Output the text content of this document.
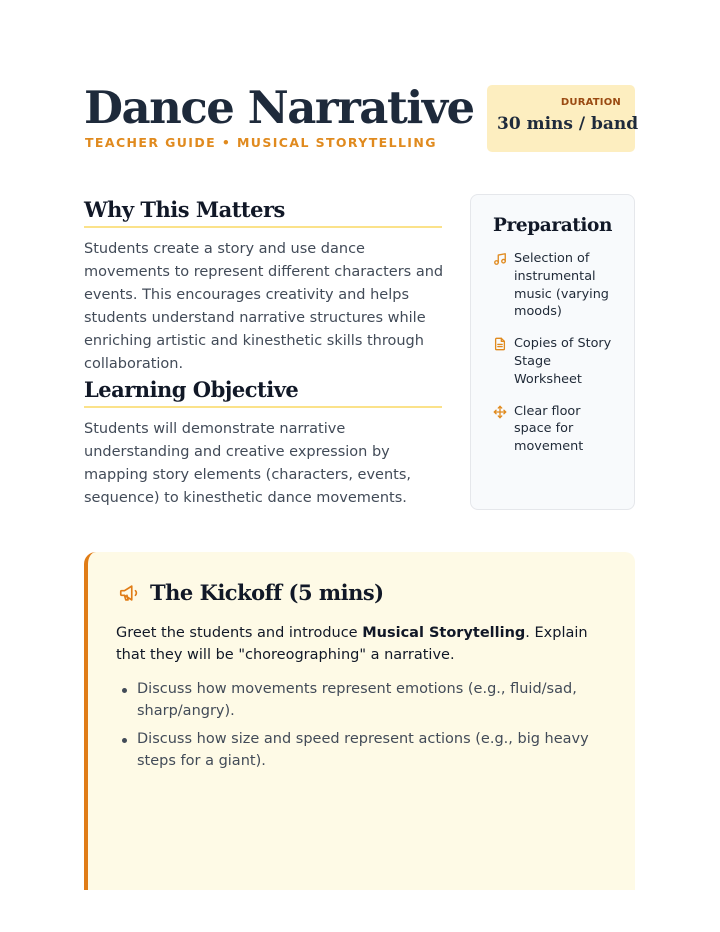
Dance Narrative
TEACHER GUIDE • MUSICAL STORYTELLING
DURATION
30 mins / band
Why This Matters

Students create a story and use dance movements to represent different characters and events. This encourages creativity and helps students understand narrative structures while enriching artistic and kinesthetic skills through collaboration.

Learning Objective

Students will demonstrate narrative understanding and creative expression by mapping story elements (characters, events, sequence) to kinesthetic dance movements.

Preparation
Selection of instrumental music (varying moods)
Copies of Story Stage Worksheet
Clear floor space for movement
The Kickoff (5 mins)

Greet the students and introduce Musical Storytelling. Explain that they will be "choreographing" a narrative.

Discuss how movements represent emotions (e.g., fluid/sad, sharp/angry).
Discuss how size and speed represent actions (e.g., big heavy steps for a giant).
